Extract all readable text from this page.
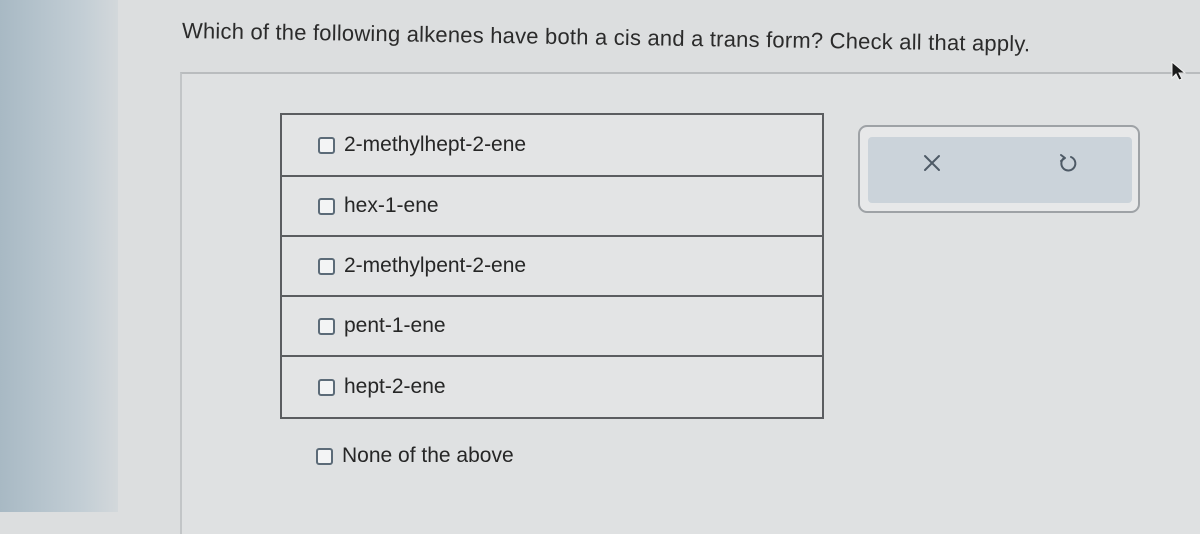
Which of the following alkenes have both a cis and a trans form? Check all that apply.
2-methylhept-2-ene
hex-1-ene
2-methylpent-2-ene
pent-1-ene
hept-2-ene
None of the above
